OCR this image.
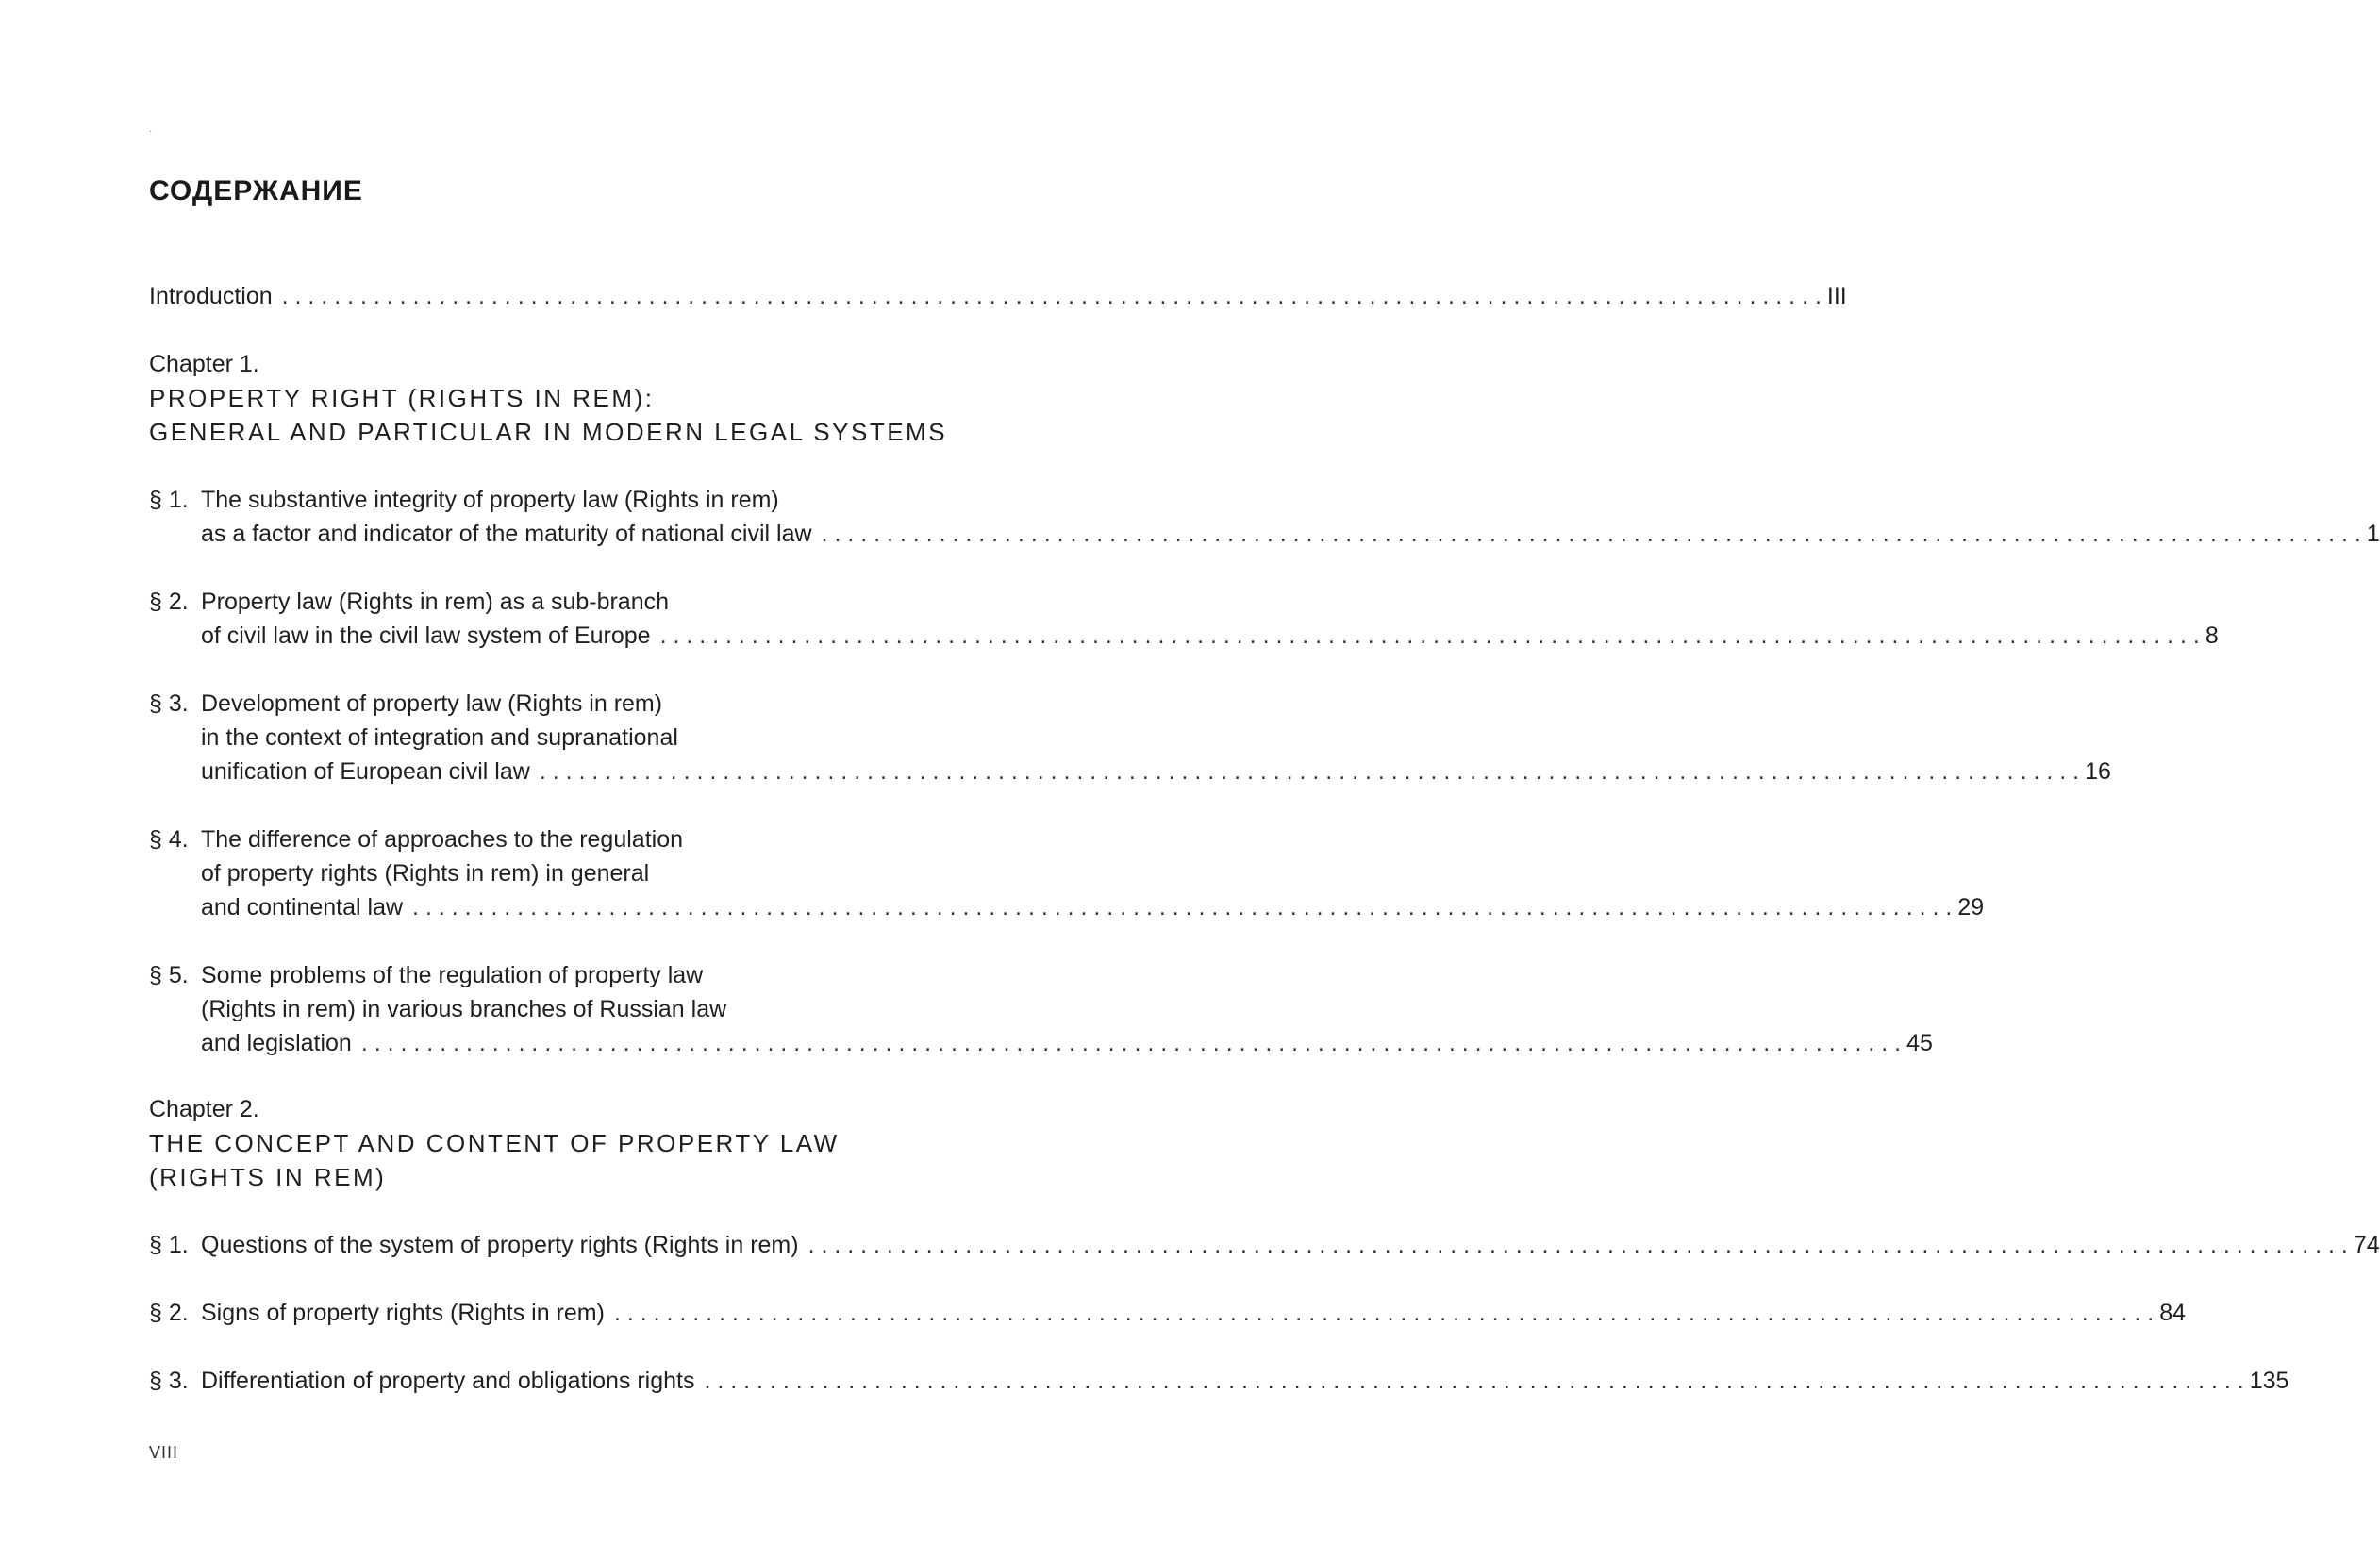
·
СОДЕРЖАНИЕ
Introduction . . .	III
Chapter 1.
PROPERTY RIGHT (RIGHTS IN REM):
GENERAL AND PARTICULAR IN MODERN LEGAL SYSTEMS
§ 1. The substantive integrity of property law (Rights in rem)
as a factor and indicator of the maturity of national civil law . . .	1
§ 2. Property law (Rights in rem) as a sub-branch
of civil law in the civil law system of Europe . . .	8
§ 3. Development of property law (Rights in rem)
in the context of integration and supranational
unification of European civil law . . .	16
§ 4. The difference of approaches to the regulation
of property rights (Rights in rem) in general
and continental law . . .	29
§ 5. Some problems of the regulation of property law
(Rights in rem) in various branches of Russian law
and legislation . . .	45
Chapter 2.
THE CONCEPT AND CONTENT OF PROPERTY LAW
(RIGHTS IN REM)
§ 1. Questions of the system of property rights (Rights in rem) . . .	74
§ 2. Signs of property rights (Rights in rem) . . .	84
§ 3. Differentiation of property and obligations rights . . .	135
VIII
